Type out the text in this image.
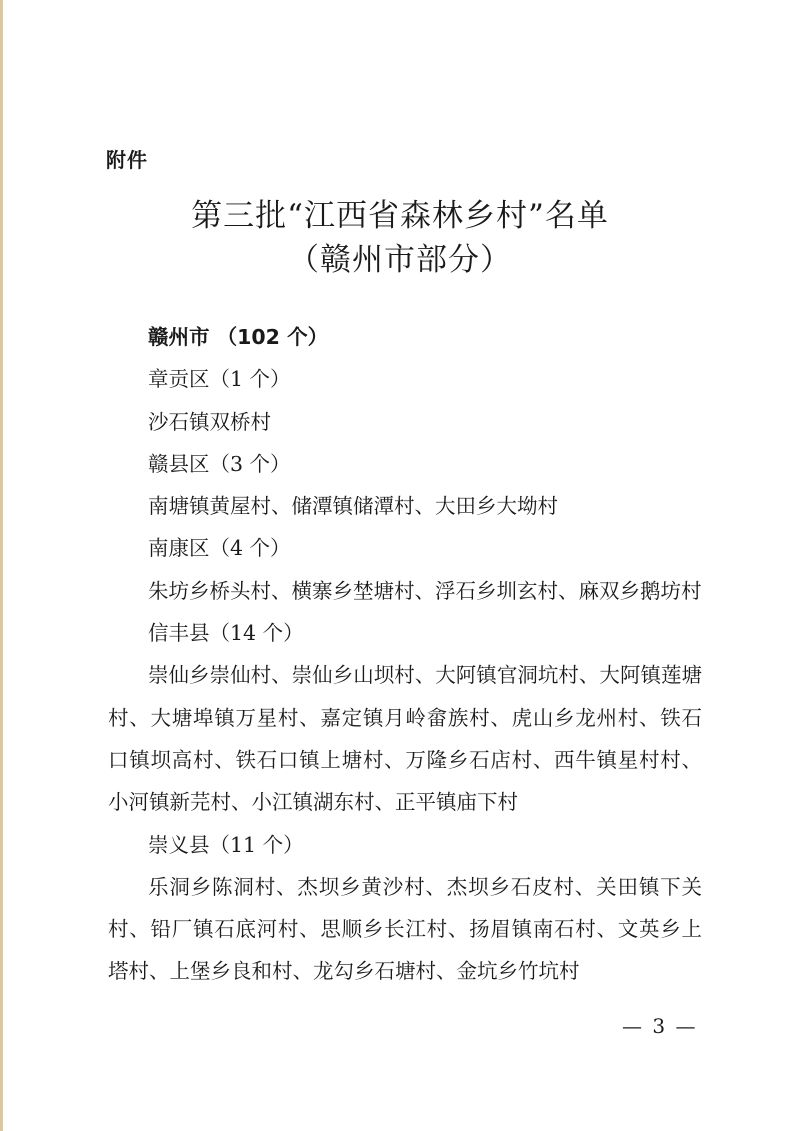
附件
第三批“江西省森林乡村”名单
（赣州市部分）

赣州市 （102 个）

章贡区（1 个）

沙石镇双桥村

赣县区（3 个）

南塘镇黄屋村、储潭镇储潭村、大田乡大坳村

南康区（4 个）

朱坊乡桥头村、横寨乡埜塘村、浮石乡圳玄村、麻双乡鹅坊村

信丰县（14 个）

崇仙乡崇仙村、崇仙乡山坝村、大阿镇官洞坑村、大阿镇莲塘村、大塘埠镇万星村、嘉定镇月岭畲族村、虎山乡龙州村、铁石口镇坝高村、铁石口镇上塘村、万隆乡石店村、西牛镇星村村、小河镇新芫村、小江镇湖东村、正平镇庙下村

崇义县（11 个）

乐洞乡陈洞村、杰坝乡黄沙村、杰坝乡石皮村、关田镇下关村、铅厂镇石底河村、思顺乡长江村、扬眉镇南石村、文英乡上塔村、上堡乡良和村、龙勾乡石塘村、金坑乡竹坑村

— 3 —
